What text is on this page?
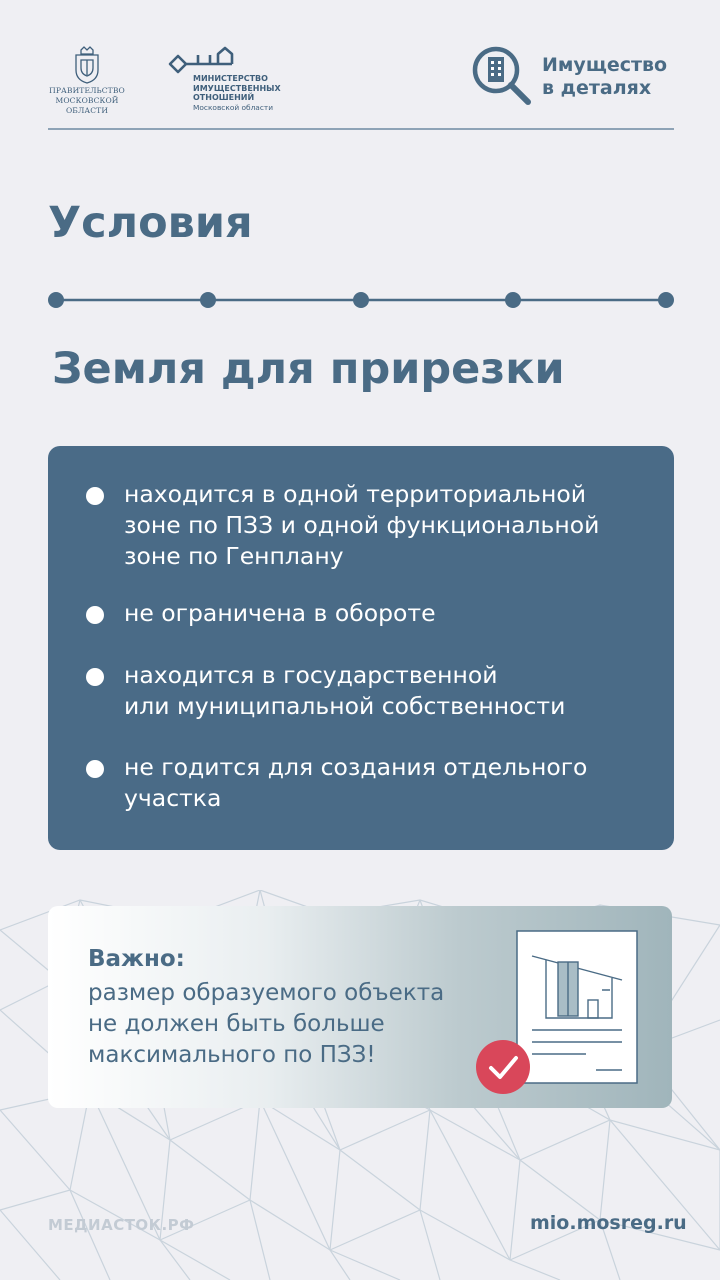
ПРАВИТЕЛЬСТВО
МОСКОВСКОЙ
ОБЛАСТИ
МИНИСТЕРСТВО
ИМУЩЕСТВЕННЫХ
ОТНОШЕНИЙ
Московской области
Имущество
в деталях
Условия
Земля для прирезки
находится в одной территориальной
зоне по ПЗЗ и одной функциональной
зоне по Генплану
не ограничена в обороте
находится в государственной
или муниципальной собственности
не годится для создания отдельного
участка
Важно:
размер образуемого объекта
не должен быть больше
максимального по ПЗЗ!
МЕДИАСТОК.РФ	mio.mosreg.ru
